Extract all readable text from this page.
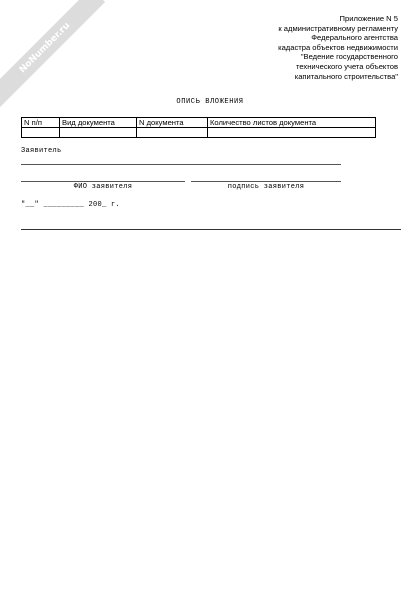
NoNumber.ru
Приложение N 5
к административному регламенту
Федерального агентства
кадастра объектов недвижимости
"Ведение государственного
технического учета объектов
капитального строительства"
ОПИСЬ ВЛОЖЕНИЯ
N п/п	Вид документа	N документа	Количество листов документа

Заявитель
ФИО заявителя	подпись заявителя
"__" _________ 200_ г.
